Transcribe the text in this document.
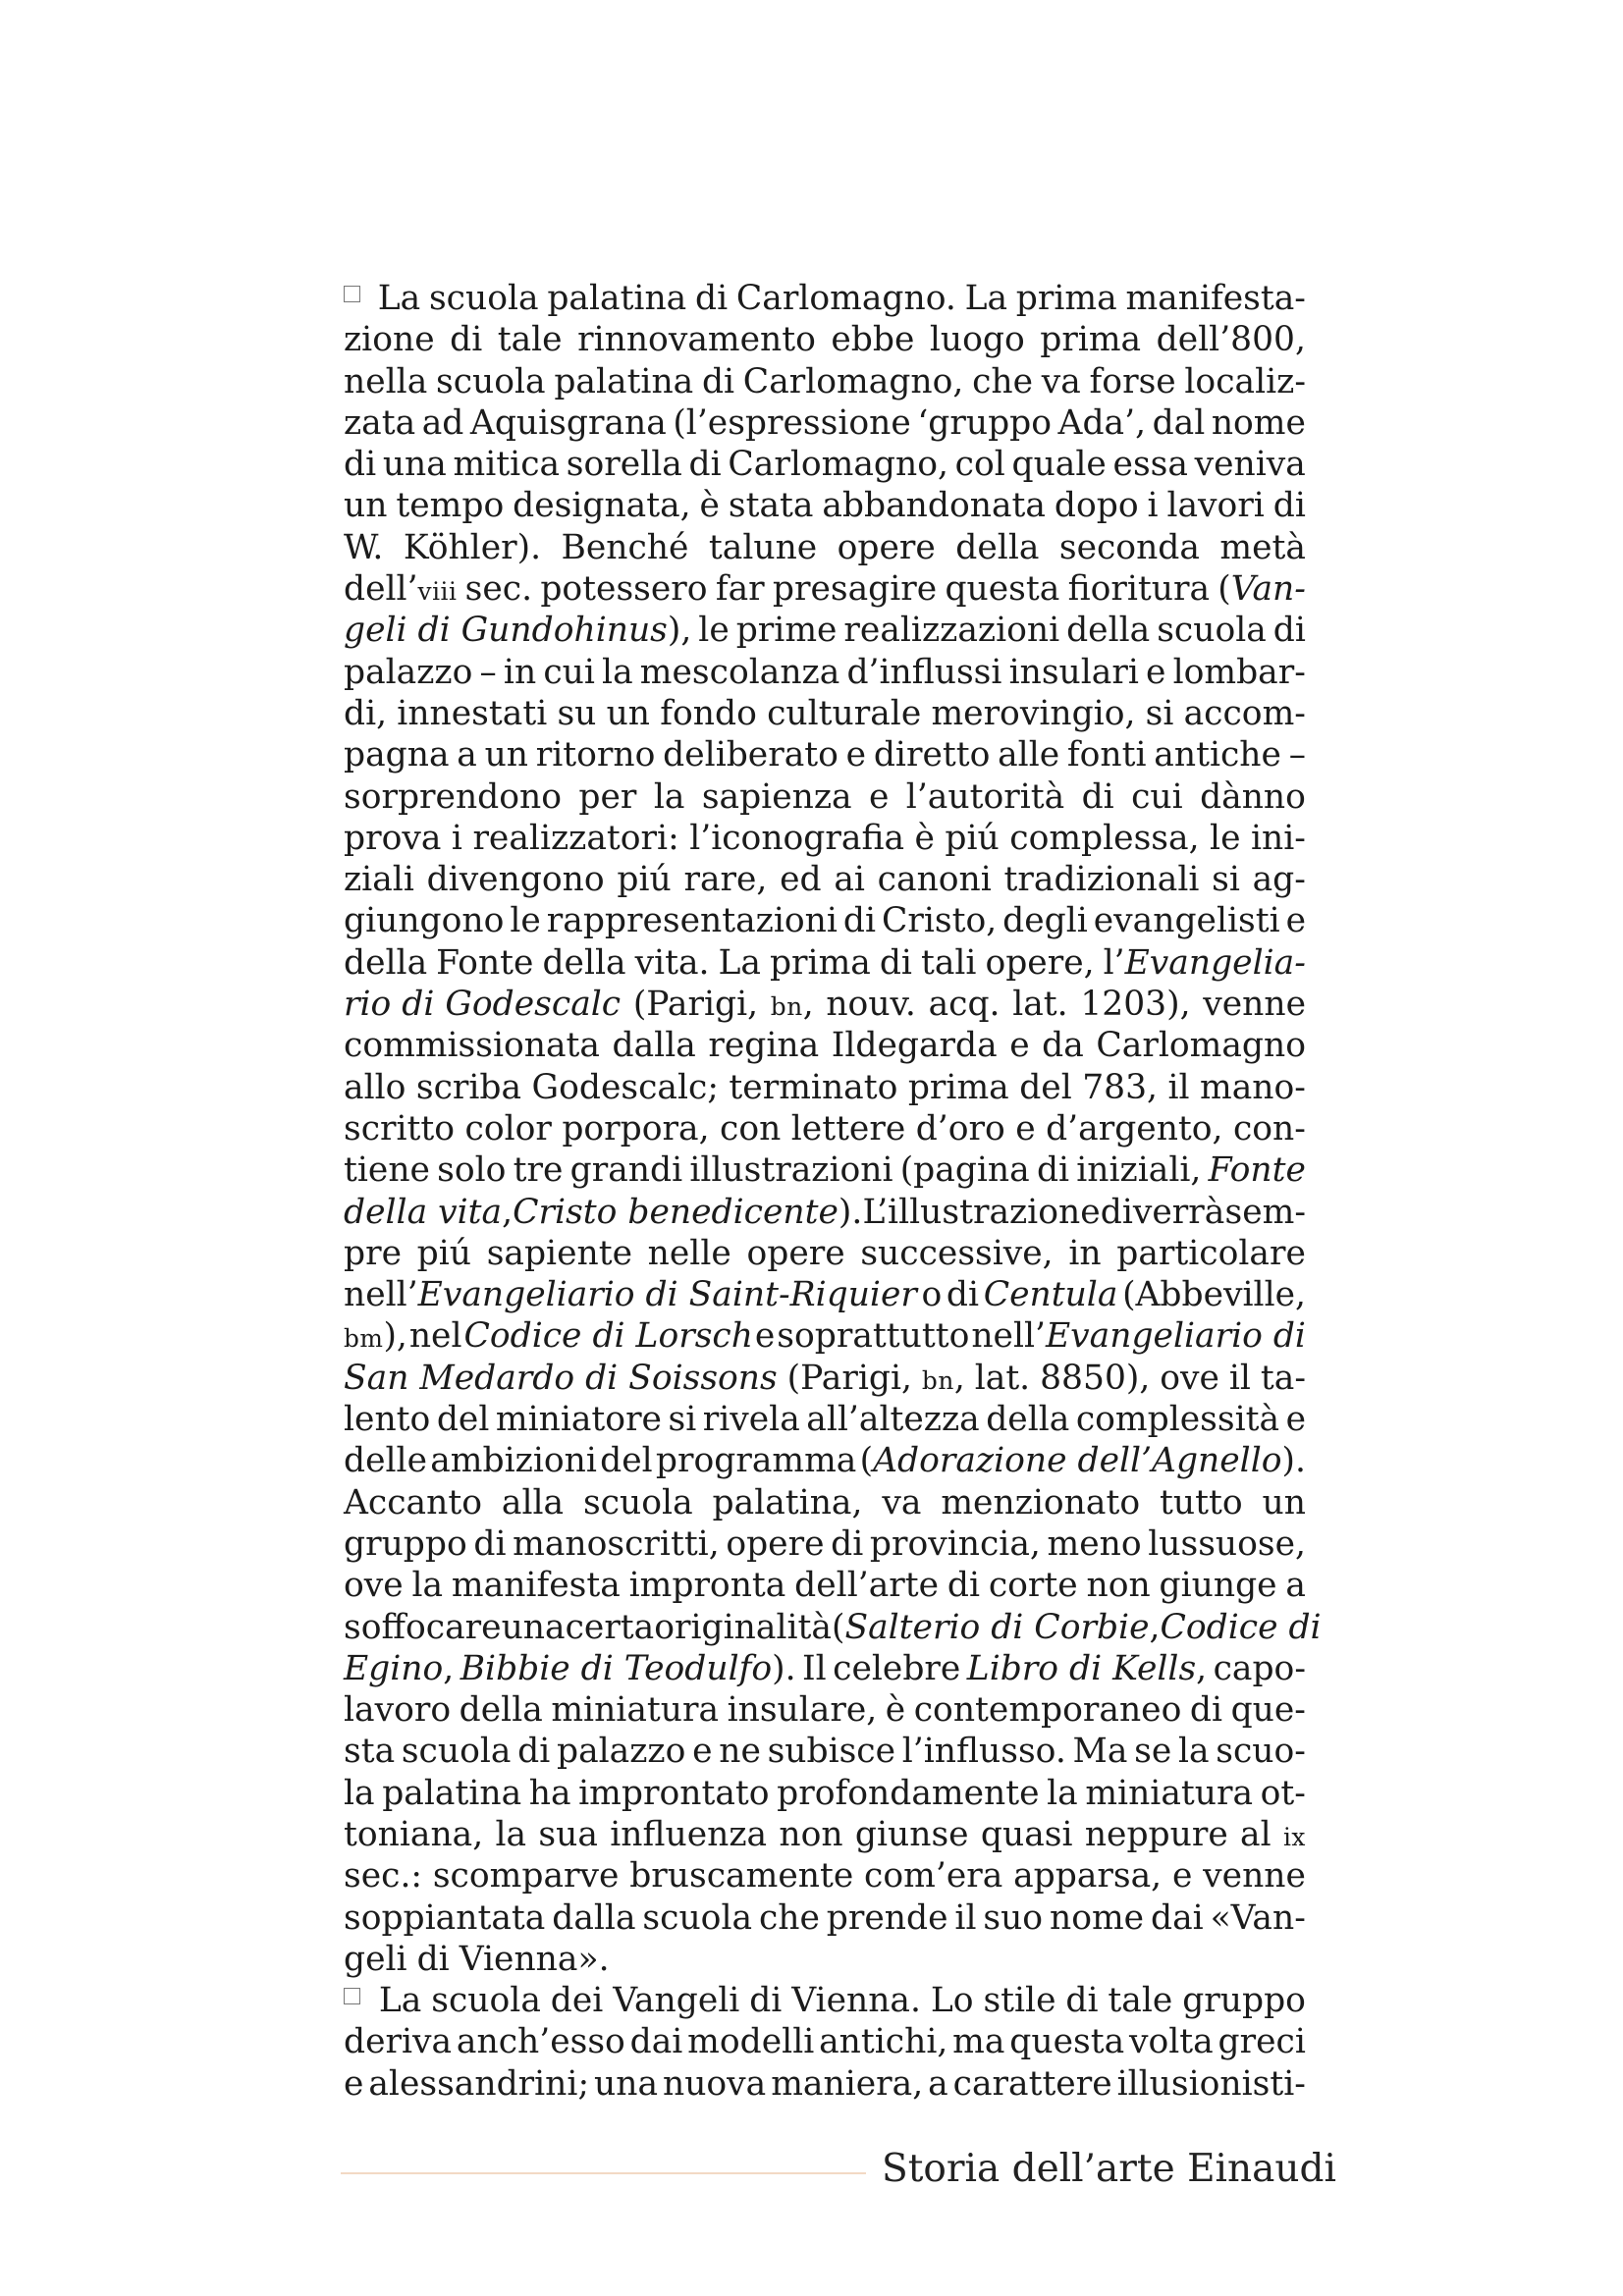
La scuola palatina di Carlomagno. La prima manifesta-
zione di tale rinnovamento ebbe luogo prima dell’800,
nella scuola palatina di Carlomagno, che va forse localiz-
zata ad Aquisgrana (l’espressione ‘gruppo Ada’, dal nome
di una mitica sorella di Carlomagno, col quale essa veniva
un tempo designata, è stata abbandonata dopo i lavori di
W. Köhler). Benché talune opere della seconda metà
dell’viii sec. potessero far presagire questa fioritura (Van-
geli di Gundohinus), le prime realizzazioni della scuola di
palazzo – in cui la mescolanza d’influssi insulari e lombar-
di, innestati su un fondo culturale merovingio, si accom-
pagna a un ritorno deliberato e diretto alle fonti antiche –
sorprendono per la sapienza e l’autorità di cui dànno
prova i realizzatori: l’iconografia è piú complessa, le ini-
ziali divengono piú rare, ed ai canoni tradizionali si ag-
giungono le rappresentazioni di Cristo, degli evangelisti e
della Fonte della vita. La prima di tali opere, l’Evangelia-
rio di Godescalc (Parigi, bn, nouv. acq. lat. 1203), venne
commissionata dalla regina Ildegarda e da Carlomagno
allo scriba Godescalc; terminato prima del 783, il mano-
scritto color porpora, con lettere d’oro e d’argento, con-
tiene solo tre grandi illustrazioni (pagina di iniziali, Fonte
della vita, Cristo benedicente). L’illustrazione diverrà sem-
pre piú sapiente nelle opere successive, in particolare
nell’Evangeliario di Saint-Riquier o di Centula (Abbeville,
bm), nel Codice di Lorsch e soprattutto nell’Evangeliario di
San Medardo di Soissons (Parigi, bn, lat. 8850), ove il ta-
lento del miniatore si rivela all’altezza della complessità e
delle ambizioni del programma (Adorazione dell’Agnello).
Accanto alla scuola palatina, va menzionato tutto un
gruppo di manoscritti, opere di provincia, meno lussuose,
ove la manifesta impronta dell’arte di corte non giunge a
soffocare una certa originalità (Salterio di Corbie, Codice di
Egino, Bibbie di Teodulfo). Il celebre Libro di Kells, capo-
lavoro della miniatura insulare, è contemporaneo di que-
sta scuola di palazzo e ne subisce l’influsso. Ma se la scuo-
la palatina ha improntato profondamente la miniatura ot-
toniana, la sua influenza non giunse quasi neppure al ix
sec.: scomparve bruscamente com’era apparsa, e venne
soppiantata dalla scuola che prende il suo nome dai «Van-
geli di Vienna».
La scuola dei Vangeli di Vienna. Lo stile di tale gruppo
deriva anch’esso dai modelli antichi, ma questa volta greci
e alessandrini; una nuova maniera, a carattere illusionisti-
Storia dell’arte Einaudi
